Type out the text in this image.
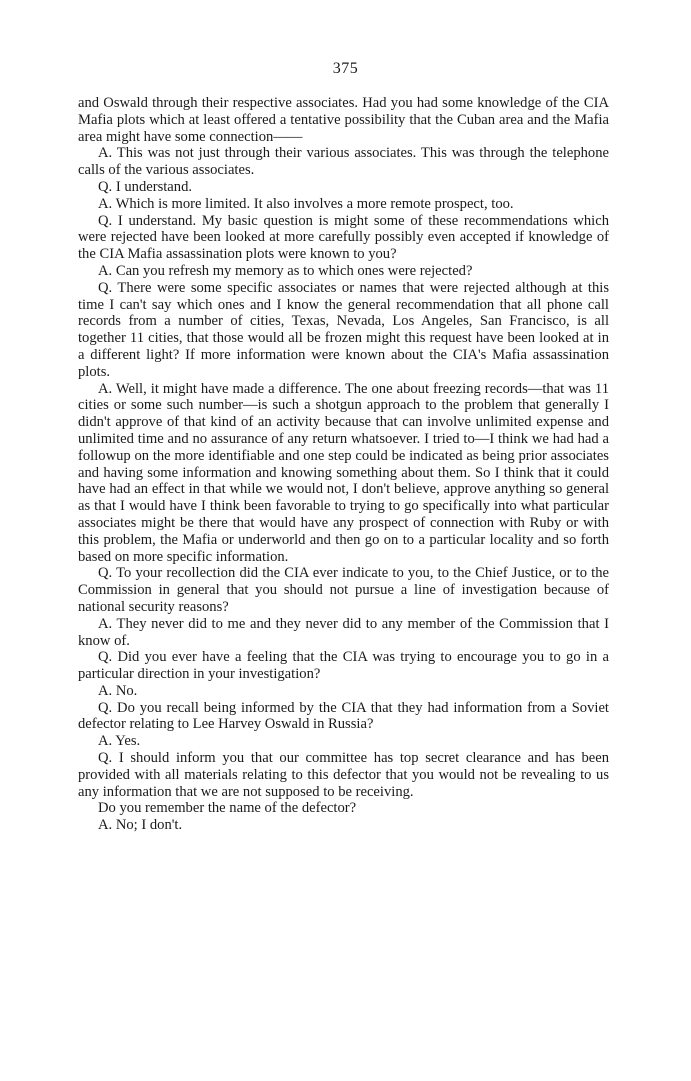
375

and Oswald through their respective associates. Had you had some knowledge of the CIA Mafia plots which at least offered a tentative possibility that the Cuban area and the Mafia area might have some connection——

A. This was not just through their various associates. This was through the telephone calls of the various associates.

Q. I understand.

A. Which is more limited. It also involves a more remote prospect, too.

Q. I understand. My basic question is might some of these recommendations which were rejected have been looked at more carefully possibly even accepted if knowledge of the CIA Mafia assassination plots were known to you?

A. Can you refresh my memory as to which ones were rejected?

Q. There were some specific associates or names that were rejected although at this time I can't say which ones and I know the general recommendation that all phone call records from a number of cities, Texas, Nevada, Los Angeles, San Francisco, is all together 11 cities, that those would all be frozen might this request have been looked at in a different light? If more information were known about the CIA's Mafia assassination plots.

A. Well, it might have made a difference. The one about freezing records—that was 11 cities or some such number—is such a shotgun approach to the problem that generally I didn't approve of that kind of an activity because that can involve unlimited expense and unlimited time and no assurance of any return whatsoever. I tried to—I think we had had a followup on the more identifiable and one step could be indicated as being prior associates and having some information and knowing something about them. So I think that it could have had an effect in that while we would not, I don't believe, approve anything so general as that I would have I think been favorable to trying to go specifically into what particular associates might be there that would have any prospect of connection with Ruby or with this problem, the Mafia or underworld and then go on to a particular locality and so forth based on more specific information.

Q. To your recollection did the CIA ever indicate to you, to the Chief Justice, or to the Commission in general that you should not pursue a line of investigation because of national security reasons?

A. They never did to me and they never did to any member of the Commission that I know of.

Q. Did you ever have a feeling that the CIA was trying to encourage you to go in a particular direction in your investigation?

A. No.

Q. Do you recall being informed by the CIA that they had information from a Soviet defector relating to Lee Harvey Oswald in Russia?

A. Yes.

Q. I should inform you that our committee has top secret clearance and has been provided with all materials relating to this defector that you would not be revealing to us any information that we are not supposed to be receiving.

Do you remember the name of the defector?

A. No; I don't.
